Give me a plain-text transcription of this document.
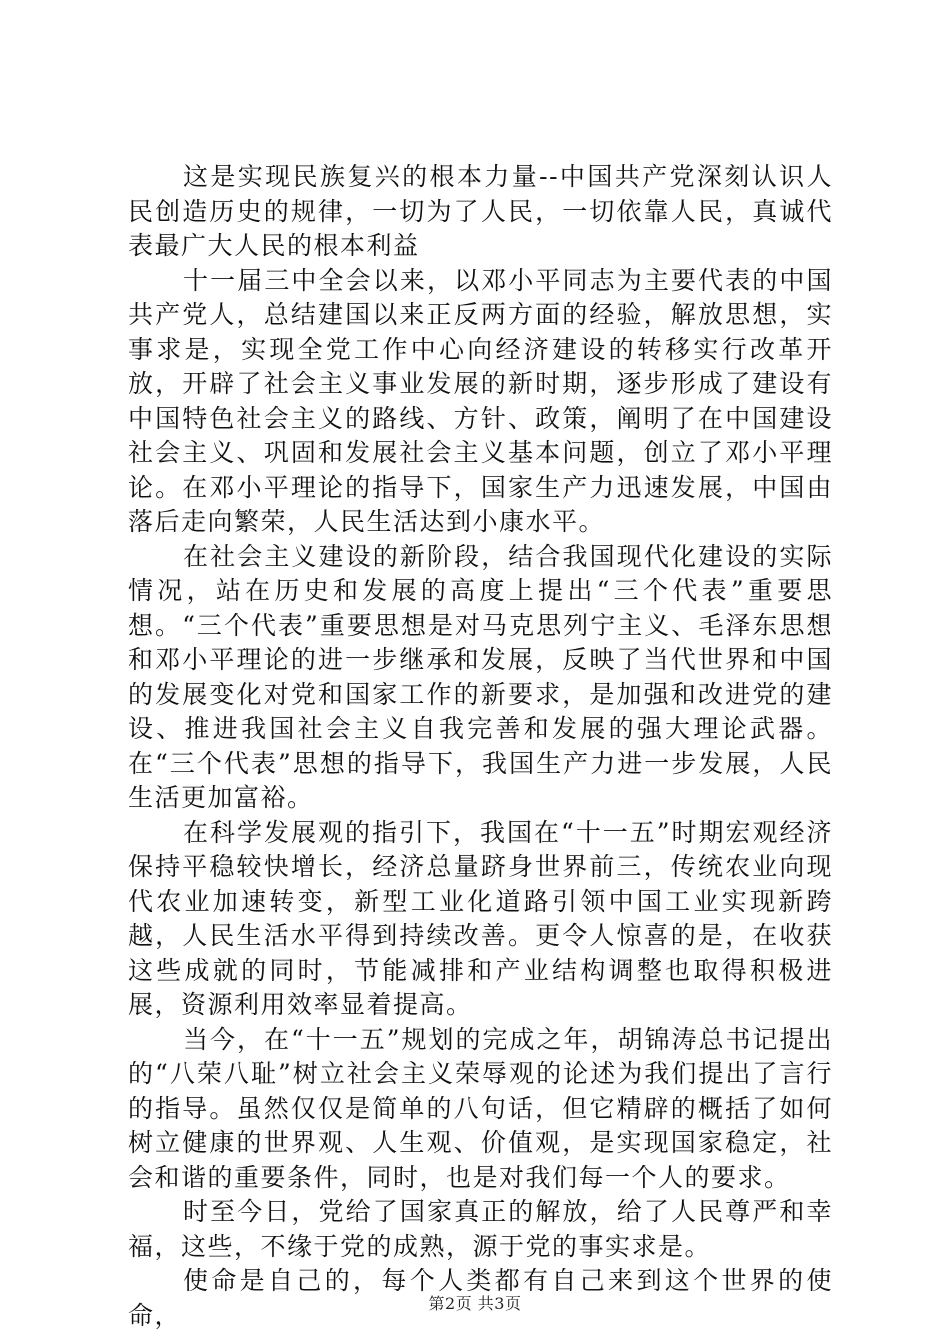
这是实现民族复兴的根本力量--中国共产党深刻认识人民创造历史的规律，一切为了人民，一切依靠人民，真诚代表最广大人民的根本利益

十一届三中全会以来，以邓小平同志为主要代表的中国共产党人，总结建国以来正反两方面的经验，解放思想，实事求是，实现全党工作中心向经济建设的转移实行改革开放，开辟了社会主义事业发展的新时期，逐步形成了建设有中国特色社会主义的路线、方针、政策，阐明了在中国建设社会主义、巩固和发展社会主义基本问题，创立了邓小平理论。在邓小平理论的指导下，国家生产力迅速发展，中国由落后走向繁荣，人民生活达到小康水平。

在社会主义建设的新阶段，结合我国现代化建设的实际情况，站在历史和发展的高度上提出“三个代表”重要思想。“三个代表”重要思想是对马克思列宁主义、毛泽东思想和邓小平理论的进一步继承和发展，反映了当代世界和中国的发展变化对党和国家工作的新要求，是加强和改进党的建设、推进我国社会主义自我完善和发展的强大理论武器。在“三个代表”思想的指导下，我国生产力进一步发展，人民生活更加富裕。

在科学发展观的指引下，我国在“十一五”时期宏观经济保持平稳较快增长，经济总量跻身世界前三，传统农业向现代农业加速转变，新型工业化道路引领中国工业实现新跨越，人民生活水平得到持续改善。更令人惊喜的是，在收获这些成就的同时，节能减排和产业结构调整也取得积极进展，资源利用效率显着提高。

当今，在“十一五”规划的完成之年，胡锦涛总书记提出的“八荣八耻”树立社会主义荣辱观的论述为我们提出了言行的指导。虽然仅仅是简单的八句话，但它精辟的概括了如何树立健康的世界观、人生观、价值观，是实现国家稳定，社会和谐的重要条件，同时，也是对我们每一个人的要求。

时至今日，党给了国家真正的解放，给了人民尊严和幸福，这些，不缘于党的成熟，源于党的事实求是。

使命是自己的，每个人类都有自己来到这个世界的使命，	第2页 共3页
